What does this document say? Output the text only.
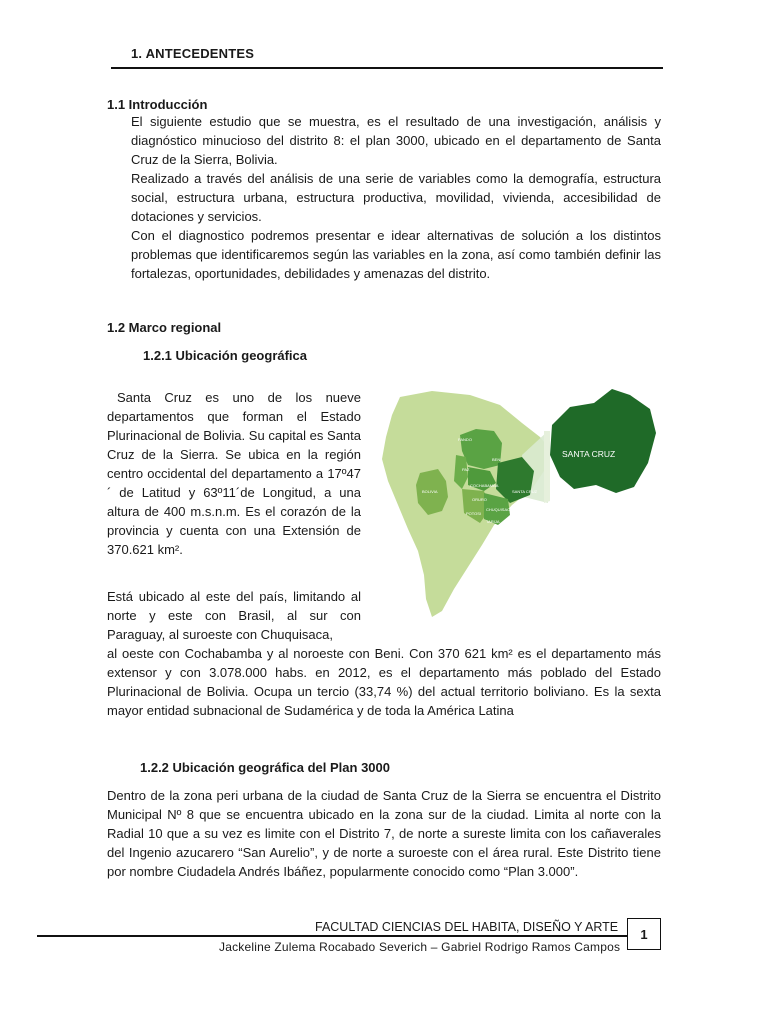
1. ANTECEDENTES
1.1 Introducción
El siguiente estudio que se muestra, es el resultado de una investigación, análisis y diagnóstico minucioso del distrito 8: el plan 3000, ubicado en el departamento de Santa Cruz de la Sierra, Bolivia.
Realizado a través del análisis de una serie de variables como la demografía, estructura social, estructura urbana, estructura productiva, movilidad, vivienda, accesibilidad de dotaciones y servicios.
Con el diagnostico podremos presentar e idear alternativas de solución a los distintos problemas que identificaremos según las variables en la zona, así como también definir las fortalezas, oportunidades, debilidades y amenazas del distrito.
1.2 Marco regional
1.2.1 Ubicación geográfica
Santa Cruz es uno de los nueve departamentos que forman el Estado Plurinacional de Bolivia. Su capital es Santa Cruz de la Sierra. Se ubica en la región centro occidental del departamento a 17º47´ de Latitud y 63º11´de Longitud, a una altura de 400 m.s.n.m. Es el corazón de la provincia y cuenta con una Extensión de 370.621 km².
Está ubicado al este del país, limitando al norte y este con Brasil, al sur con Paraguay, al suroeste con Chuquisaca,
al oeste con Cochabamba y al noroeste con Beni. Con 370 621 km² es el departamento más extensor y con 3.078.000 habs. en 2012, es el departamento más poblado del Estado Plurinacional de Bolivia. Ocupa un tercio (33,74 %) del actual territorio boliviano. Es la sexta mayor entidad subnacional de Sudamérica y de toda la América Latina
SANTA CRUZ
BOLIVIA
PANDO
BENI
PAZ
COCHABAMBA
SANTA CRUZ
ORURO
CHUQUISACA
POTOSI
TARIJA
1.2.2 Ubicación geográfica del Plan 3000
Dentro de la zona peri urbana de la ciudad de Santa Cruz de la Sierra se encuentra el Distrito Municipal Nº 8 que se encuentra ubicado en la zona sur de la ciudad. Limita al norte con la Radial 10 que a su vez es limite con el Distrito 7, de norte a sureste limita con los cañaverales del Ingenio azucarero “San Aurelio”, y de norte a suroeste con el área rural. Este Distrito tiene por nombre Ciudadela Andrés Ibáñez, popularmente conocido como “Plan 3.000”.
FACULTAD CIENCIAS DEL HABITA, DISEÑO Y ARTE
Jackeline Zulema Rocabado Severich – Gabriel Rodrigo Ramos Campos
1
